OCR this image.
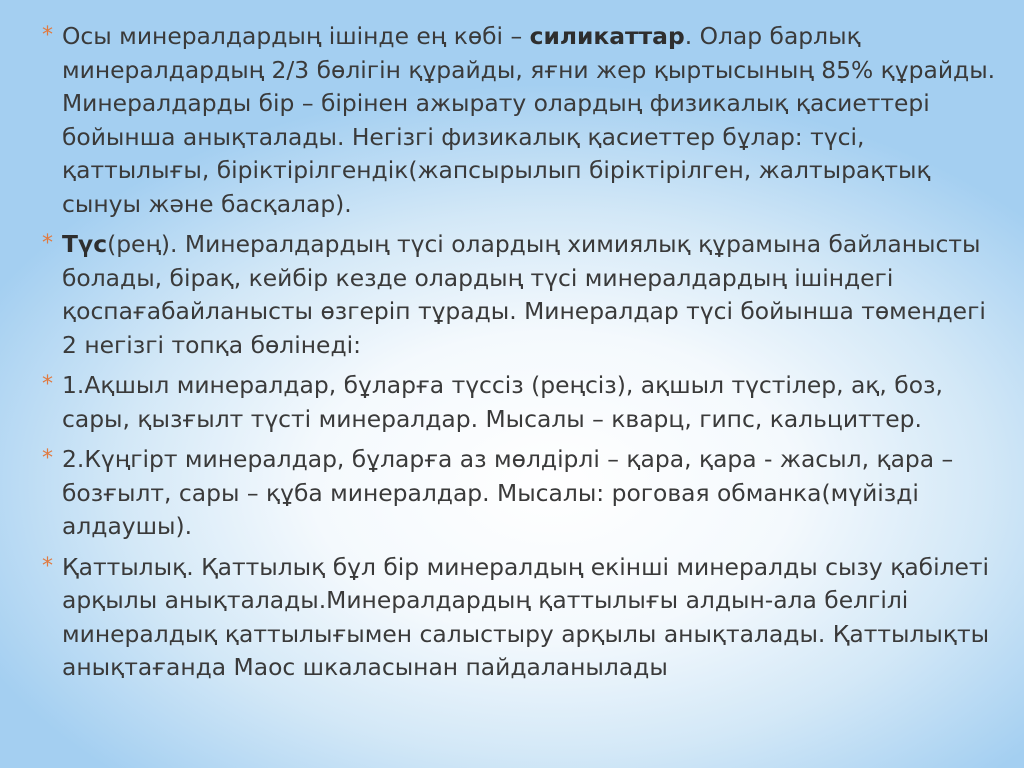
* Осы минералдардың ішінде ең көбі – силикаттар. Олар барлық минералдардың 2/3 бөлігін құрайды, яғни жер қыртысының 85% құрайды. Минералдарды бір – бірінен ажырату олардың физикалық қасиеттері бойынша анықталады. Негізгі физикалық қасиеттер бұлар: түсі, қаттылығы, біріктірілгендік(жапсырылып біріктірілген, жалтырақтық сынуы және басқалар).
* Түс(рең). Минералдардың түсі олардың химиялық құрамына байланысты болады, бірақ, кейбір кезде олардың түсі минералдардың ішіндегі қоспағабайланысты өзгеріп тұрады. Минералдар түсі бойынша төмендегі 2 негізгі топқа бөлінеді:
* 1.Ақшыл минералдар, бұларға түссіз (реңсіз), ақшыл түстілер, ақ, боз, сары, қызғылт түсті минералдар. Мысалы – кварц, гипс, кальциттер.
* 2.Күңгірт минералдар, бұларға аз мөлдірлі – қара, қара - жасыл, қара – бозғылт, сары – құба минералдар. Мысалы: роговая обманка(мүйізді алдаушы).
* Қаттылық. Қаттылық бұл бір минералдың екінші минералды сызу қабілеті арқылы анықталады.Минералдардың қаттылығы алдын-ала белгілі минералдық қаттылығымен салыстыру арқылы анықталады. Қаттылықты анықтағанда Маос шкаласынан пайдаланылады
